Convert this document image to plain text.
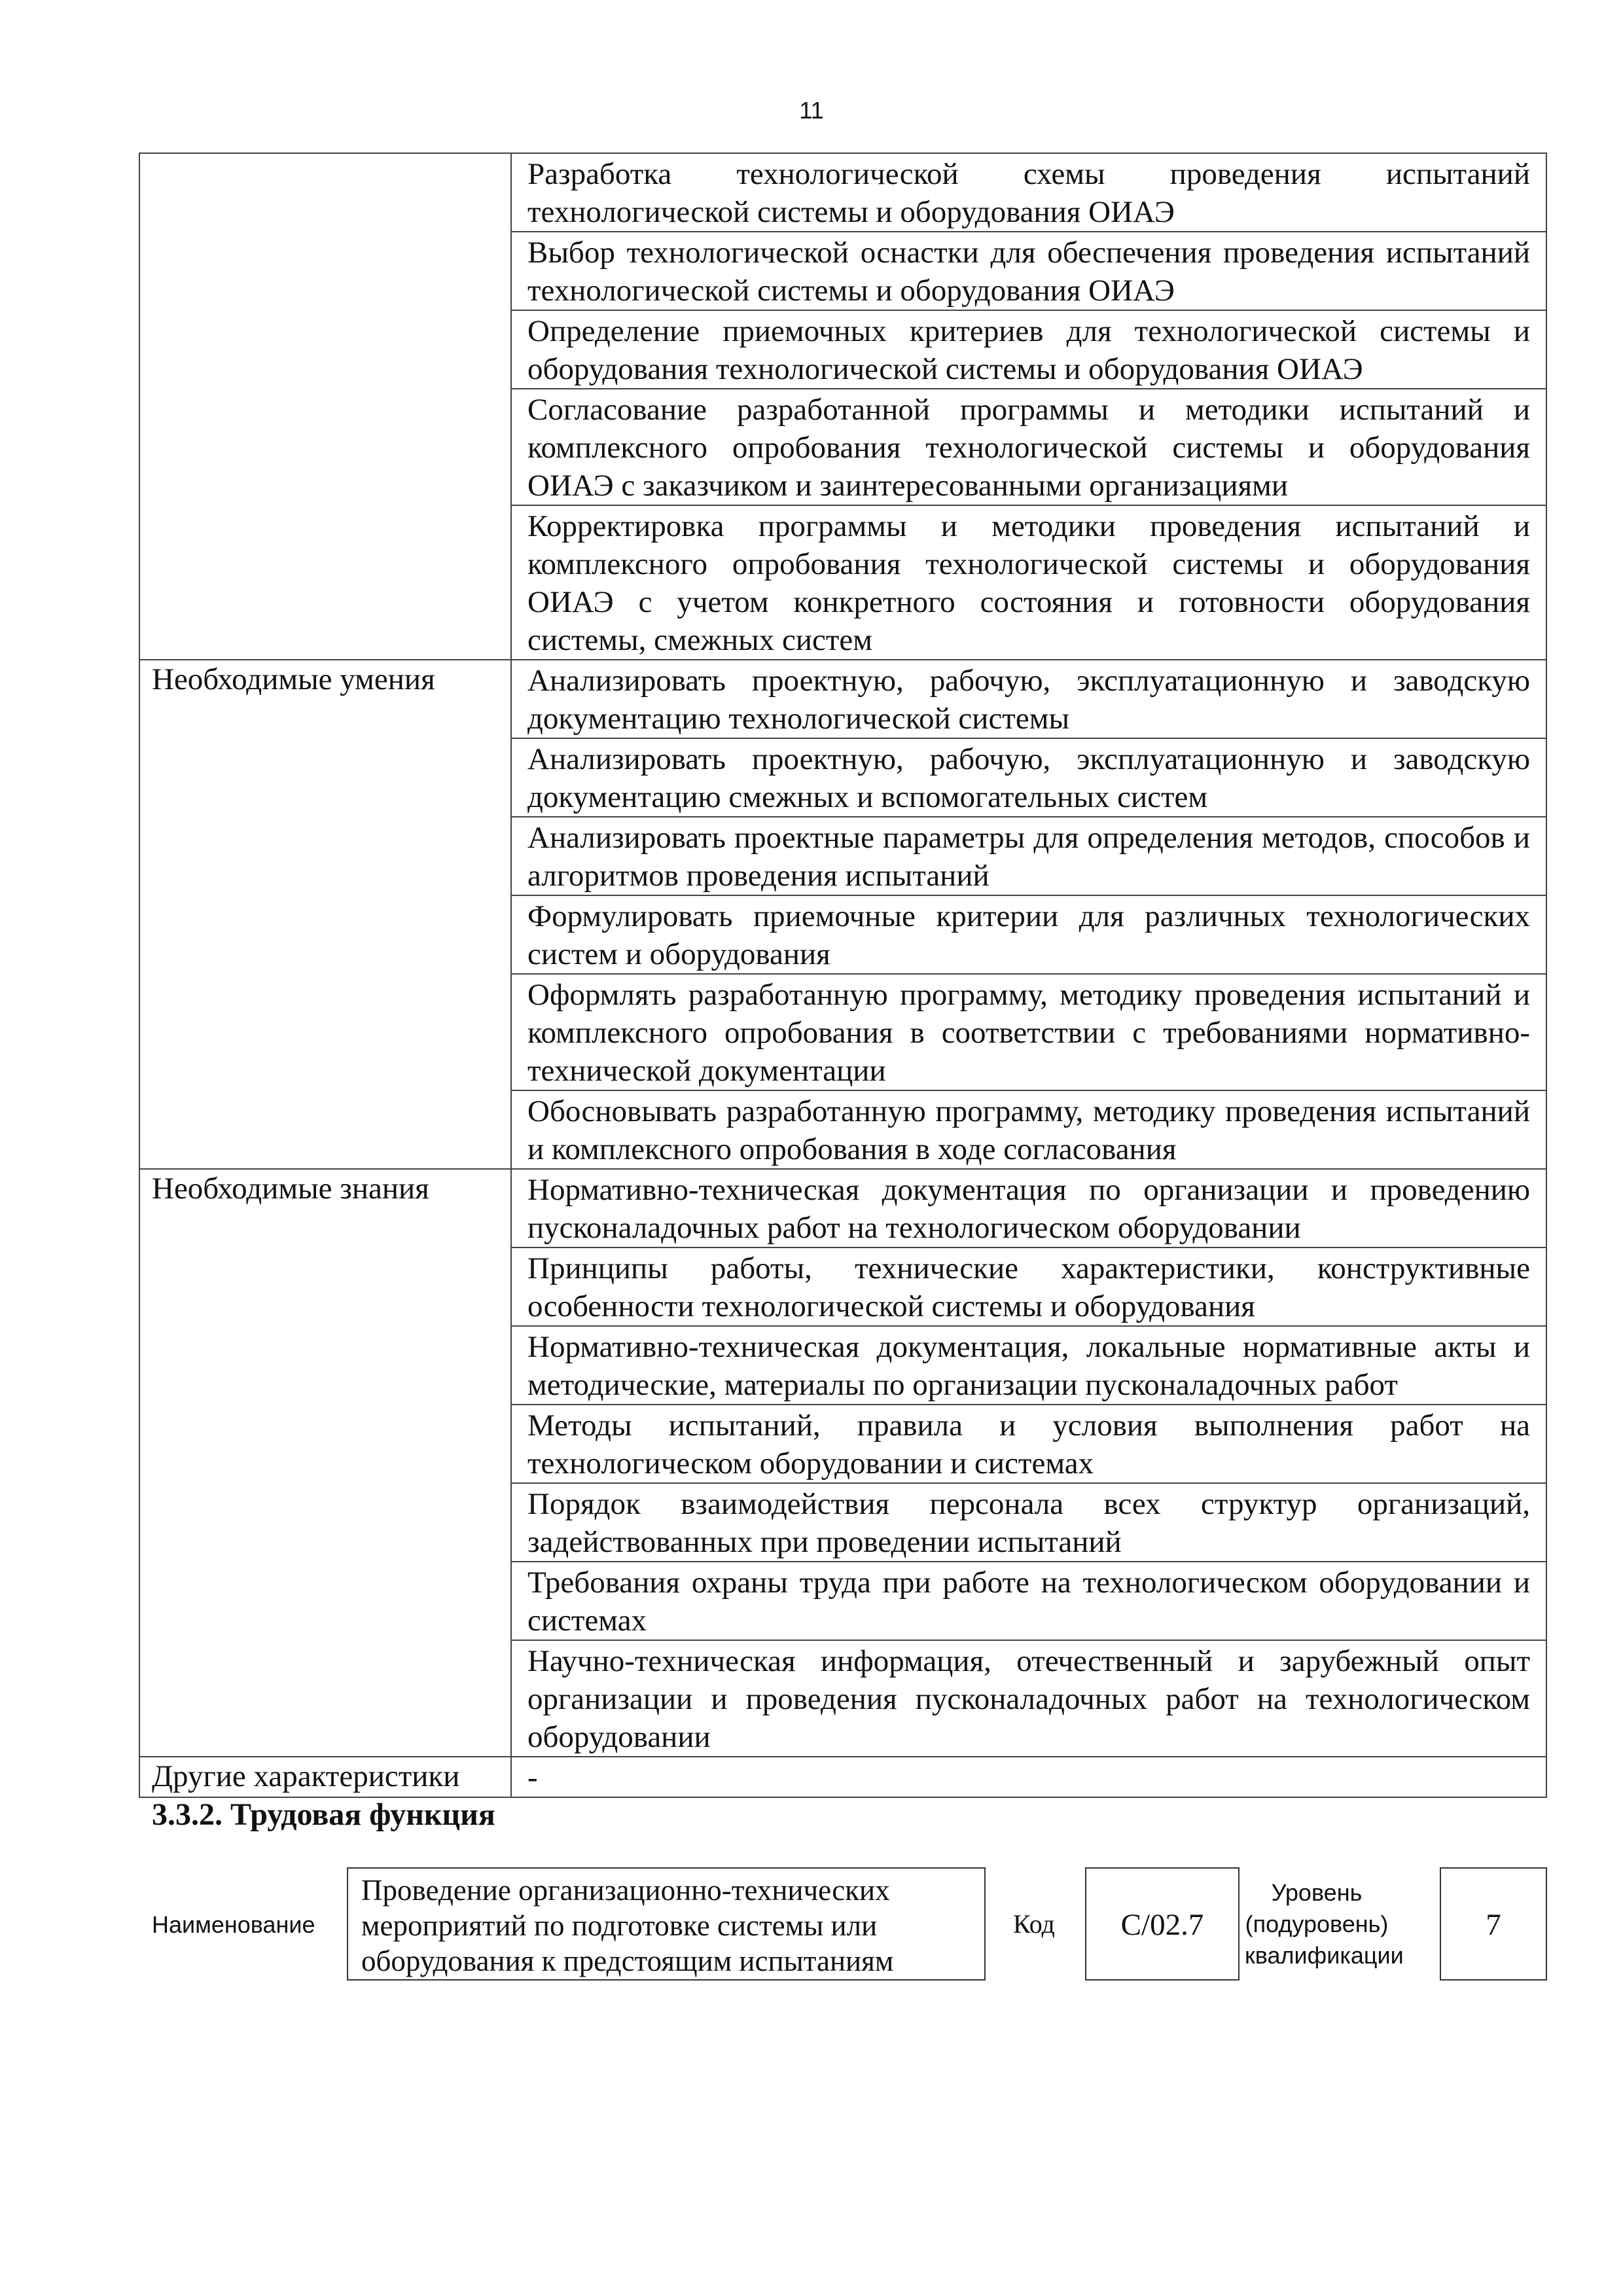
11
	Разработка технологической схемы проведения испытаний технологической системы и оборудования ОИАЭ
	Выбор технологической оснастки для обеспечения проведения испытаний технологической системы и оборудования ОИАЭ
	Определение приемочных критериев для технологической системы и оборудования технологической системы и оборудования ОИАЭ
	Согласование разработанной программы и методики испытаний и комплексного опробования технологической системы и оборудования ОИАЭ с заказчиком и заинтересованными организациями
	Корректировка программы и методики проведения испытаний и комплексного опробования технологической системы и оборудования ОИАЭ с учетом конкретного состояния и готовности оборудования системы, смежных систем
Необходимые умения	Анализировать проектную, рабочую, эксплуатационную и заводскую документацию технологической системы
	Анализировать проектную, рабочую, эксплуатационную и заводскую документацию смежных и вспомогательных систем
	Анализировать проектные параметры для определения методов, способов и алгоритмов проведения испытаний
	Формулировать приемочные критерии для различных технологических систем и оборудования
	Оформлять разработанную программу, методику проведения испытаний и комплексного опробования в соответствии с требованиями нормативно-технической документации
	Обосновывать разработанную программу, методику проведения испытаний и комплексного опробования в ходе согласования
Необходимые знания	Нормативно-техническая документация по организации и проведению пусконаладочных работ на технологическом оборудовании
	Принципы работы, технические характеристики, конструктивные особенности технологической системы и оборудования
	Нормативно-техническая документация, локальные нормативные акты и методические, материалы по организации пусконаладочных работ
	Методы испытаний, правила и условия выполнения работ на технологическом оборудовании и системах
	Порядок взаимодействия персонала всех структур организаций, задействованных при проведении испытаний
	Требования охраны труда при работе на технологическом оборудовании и системах
	Научно-техническая информация, отечественный и зарубежный опыт организации и проведения пусконаладочных работ на технологическом оборудовании
Другие характеристики	-
3.3.2. Трудовая функция
Наименование
Проведение организационно-технических мероприятий по подготовке системы или оборудования к предстоящим испытаниям
Код	С/02.7
Уровень
(подуровень)
квалификации
7
